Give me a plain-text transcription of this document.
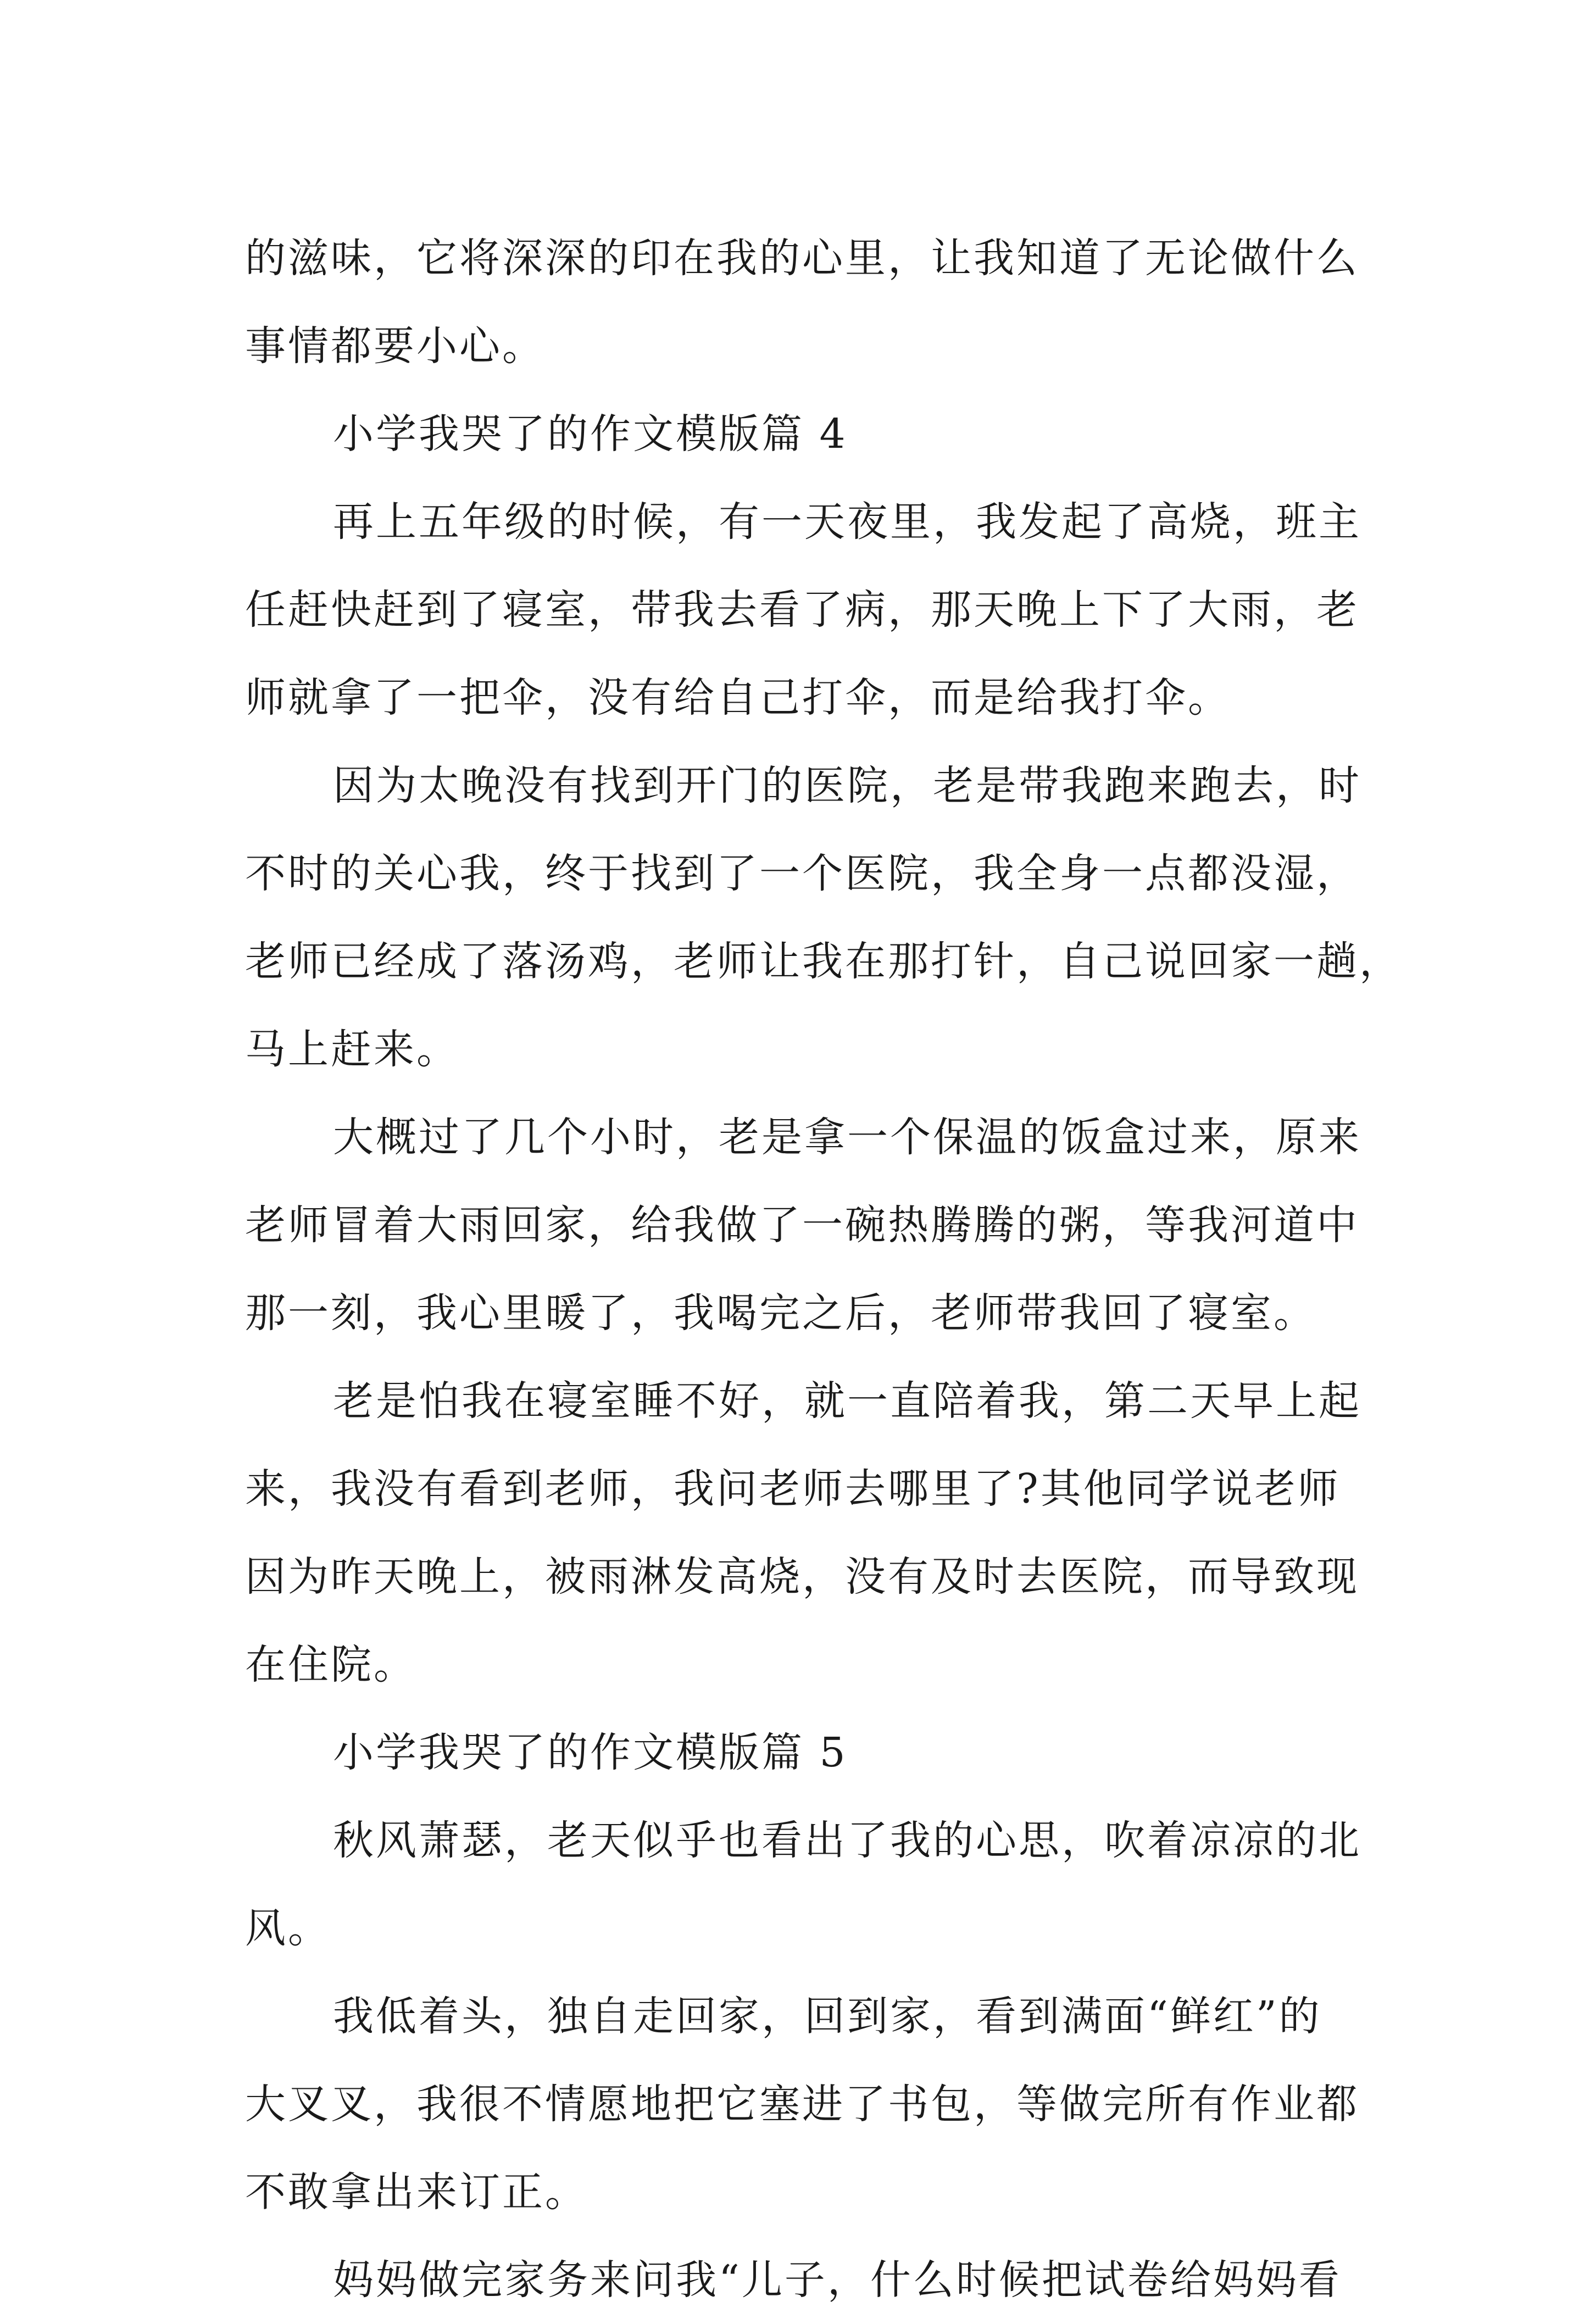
的滋味，它将深深的印在我的心里，让我知道了无论做什么
事情都要小心。
小学我哭了的作文模版篇 4
再上五年级的时候，有一天夜里，我发起了高烧，班主
任赶快赶到了寝室，带我去看了病，那天晚上下了大雨，老
师就拿了一把伞，没有给自己打伞，而是给我打伞。
因为太晚没有找到开门的医院，老是带我跑来跑去，时
不时的关心我，终于找到了一个医院，我全身一点都没湿，
老师已经成了落汤鸡，老师让我在那打针，自己说回家一趟，
马上赶来。
大概过了几个小时，老是拿一个保温的饭盒过来，原来
老师冒着大雨回家，给我做了一碗热腾腾的粥，等我河道中
那一刻，我心里暖了，我喝完之后，老师带我回了寝室。
老是怕我在寝室睡不好，就一直陪着我，第二天早上起
来，我没有看到老师，我问老师去哪里了?其他同学说老师
因为昨天晚上，被雨淋发高烧，没有及时去医院，而导致现
在住院。
小学我哭了的作文模版篇 5
秋风萧瑟，老天似乎也看出了我的心思，吹着凉凉的北
风。
我低着头，独自走回家，回到家，看到满面“鲜红”的
大叉叉，我很不情愿地把它塞进了书包，等做完所有作业都
不敢拿出来订正。
妈妈做完家务来问我“儿子，什么时候把试卷给妈妈看
